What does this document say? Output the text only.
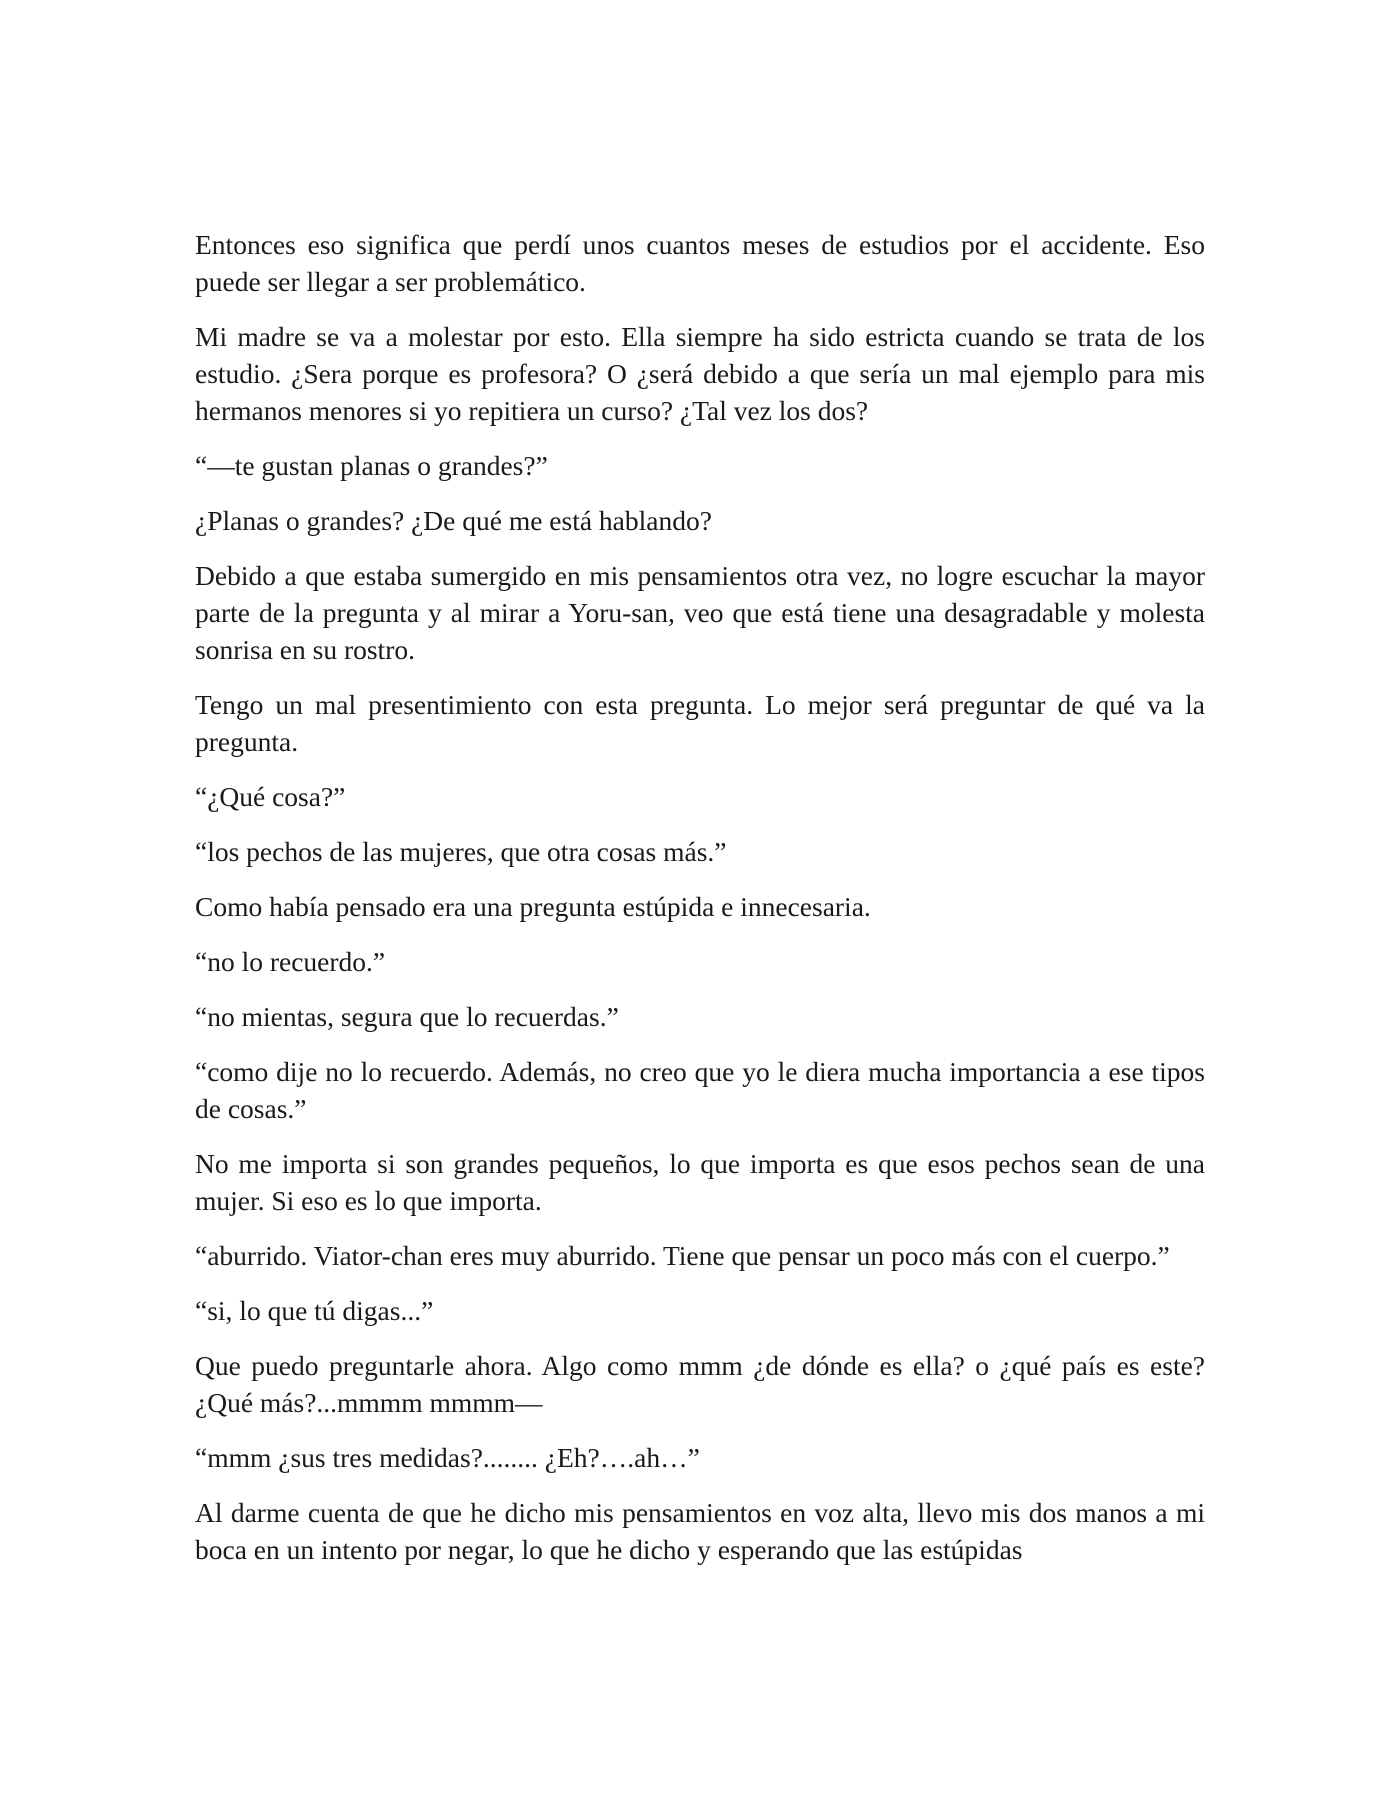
Entonces eso significa que perdí unos cuantos meses de estudios por el accidente. Eso puede ser llegar a ser problemático.

Mi madre se va a molestar por esto. Ella siempre ha sido estricta cuando se trata de los estudio. ¿Sera porque es profesora? O ¿será debido a que sería un mal ejemplo para mis hermanos menores si yo repitiera un curso? ¿Tal vez los dos?

“—te gustan planas o grandes?”

¿Planas o grandes? ¿De qué me está hablando?

Debido a que estaba sumergido en mis pensamientos otra vez, no logre escuchar la mayor parte de la pregunta y al mirar a Yoru-san, veo que está tiene una desagradable y molesta sonrisa en su rostro.

Tengo un mal presentimiento con esta pregunta. Lo mejor será preguntar de qué va la pregunta.

“¿Qué cosa?”

“los pechos de las mujeres, que otra cosas más.”

Como había pensado era una pregunta estúpida e innecesaria.

“no lo recuerdo.”

“no mientas, segura que lo recuerdas.”

“como dije no lo recuerdo. Además, no creo que yo le diera mucha importancia a ese tipos de cosas.”

No me importa si son grandes pequeños, lo que importa es que esos pechos sean de una mujer. Si eso es lo que importa.

“aburrido. Viator-chan eres muy aburrido. Tiene que pensar un poco más con el cuerpo.”

“si, lo que tú digas...”

Que puedo preguntarle ahora. Algo como mmm ¿de dónde es ella? o ¿qué país es este? ¿Qué más?...mmmm mmmm—

“mmm ¿sus tres medidas?........ ¿Eh?….ah…”

Al darme cuenta de que he dicho mis pensamientos en voz alta, llevo mis dos manos a mi boca en un intento por negar, lo que he dicho y esperando que las estúpidas
